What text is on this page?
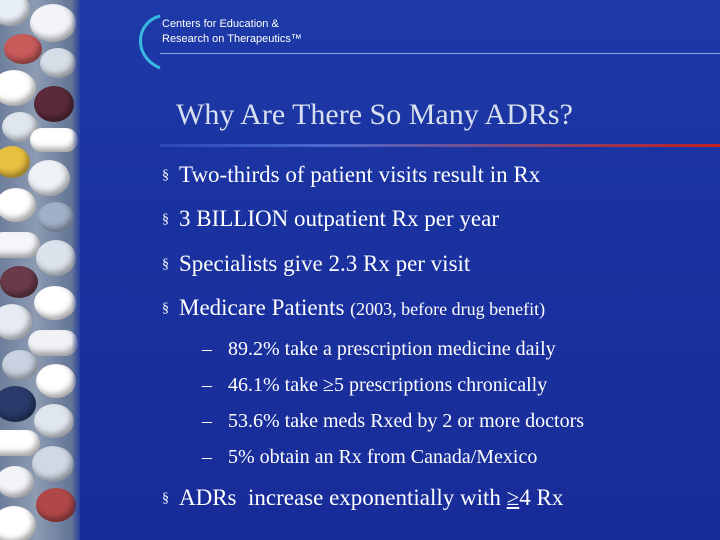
Centers for Education &
Research on Therapeutics™
Why Are There So Many ADRs?
§ Two-thirds of patient visits result in Rx
§ 3 BILLION outpatient Rx per year
§ Specialists give 2.3 Rx per visit
§ Medicare Patients (2003, before drug benefit)
– 89.2% take a prescription medicine daily
– 46.1% take ≥5 prescriptions chronically
– 53.6% take meds Rxed by 2 or more doctors
– 5% obtain an Rx from Canada/Mexico
§ ADRs  increase exponentially with ≥4 Rx
